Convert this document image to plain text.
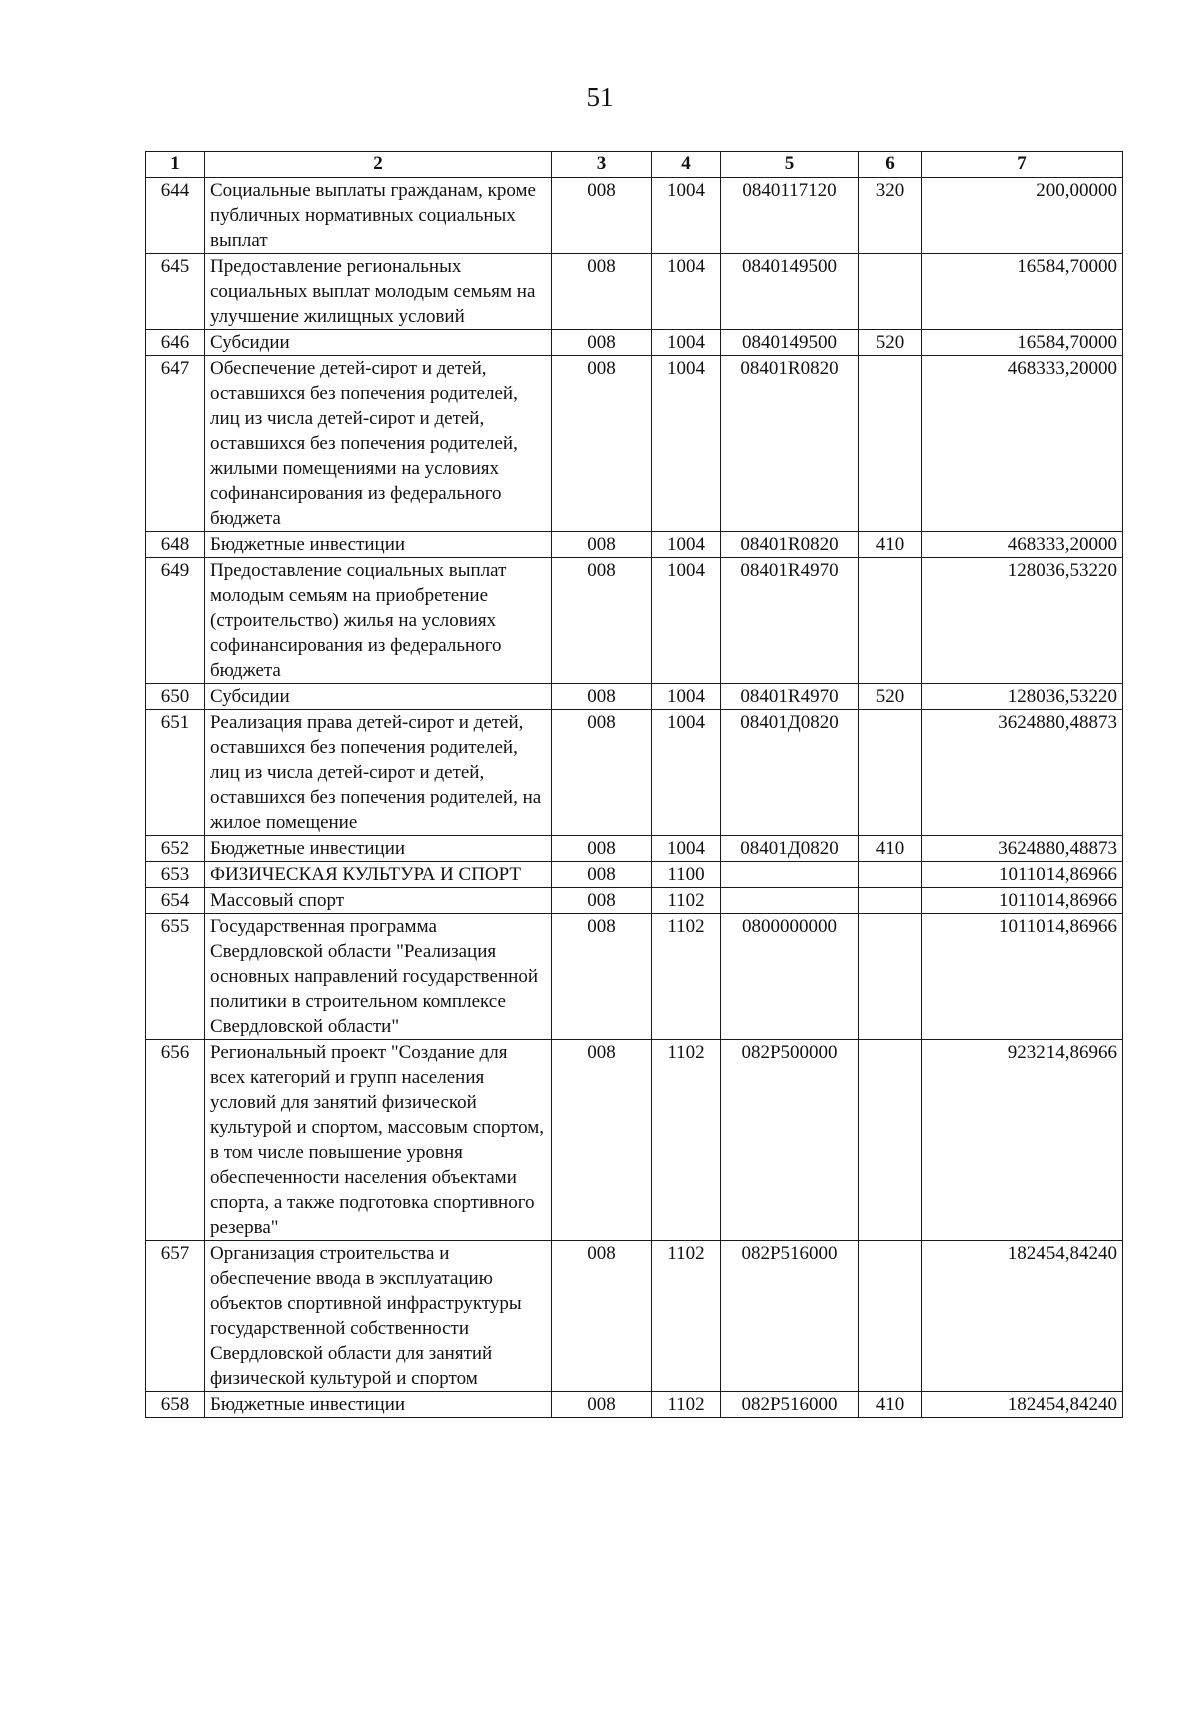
51
1	2	3	4	5	6	7
644	Социальные выплаты гражданам, кроме публичных нормативных социальных выплат	008	1004	0840117120	320	200,00000
645	Предоставление региональных социальных выплат молодым семьям на улучшение жилищных условий	008	1004	0840149500		16584,70000
646	Субсидии	008	1004	0840149500	520	16584,70000
647	Обеспечение детей-сирот и детей, оставшихся без попечения родителей, лиц из числа детей-сирот и детей, оставшихся без попечения родителей, жилыми помещениями на условиях софинансирования из федерального бюджета	008	1004	08401R0820		468333,20000
648	Бюджетные инвестиции	008	1004	08401R0820	410	468333,20000
649	Предоставление социальных выплат молодым семьям на приобретение (строительство) жилья на условиях софинансирования из федерального бюджета	008	1004	08401R4970		128036,53220
650	Субсидии	008	1004	08401R4970	520	128036,53220
651	Реализация права детей-сирот и детей, оставшихся без попечения родителей, лиц из числа детей-сирот и детей, оставшихся без попечения родителей, на жилое помещение	008	1004	08401Д0820		3624880,48873
652	Бюджетные инвестиции	008	1004	08401Д0820	410	3624880,48873
653	ФИЗИЧЕСКАЯ КУЛЬТУРА И СПОРТ	008	1100			1011014,86966
654	Массовый спорт	008	1102			1011014,86966
655	Государственная программа Свердловской области "Реализация основных направлений государственной политики в строительном комплексе Свердловской области"	008	1102	0800000000		1011014,86966
656	Региональный проект "Создание для всех категорий и групп населения условий для занятий физической культурой и спортом, массовым спортом, в том числе повышение уровня обеспеченности населения объектами спорта, а также подготовка спортивного резерва"	008	1102	082P500000		923214,86966
657	Организация строительства и обеспечение ввода в эксплуатацию объектов спортивной инфраструктуры государственной собственности Свердловской области для занятий физической культурой и спортом	008	1102	082P516000		182454,84240
658	Бюджетные инвестиции	008	1102	082P516000	410	182454,84240
